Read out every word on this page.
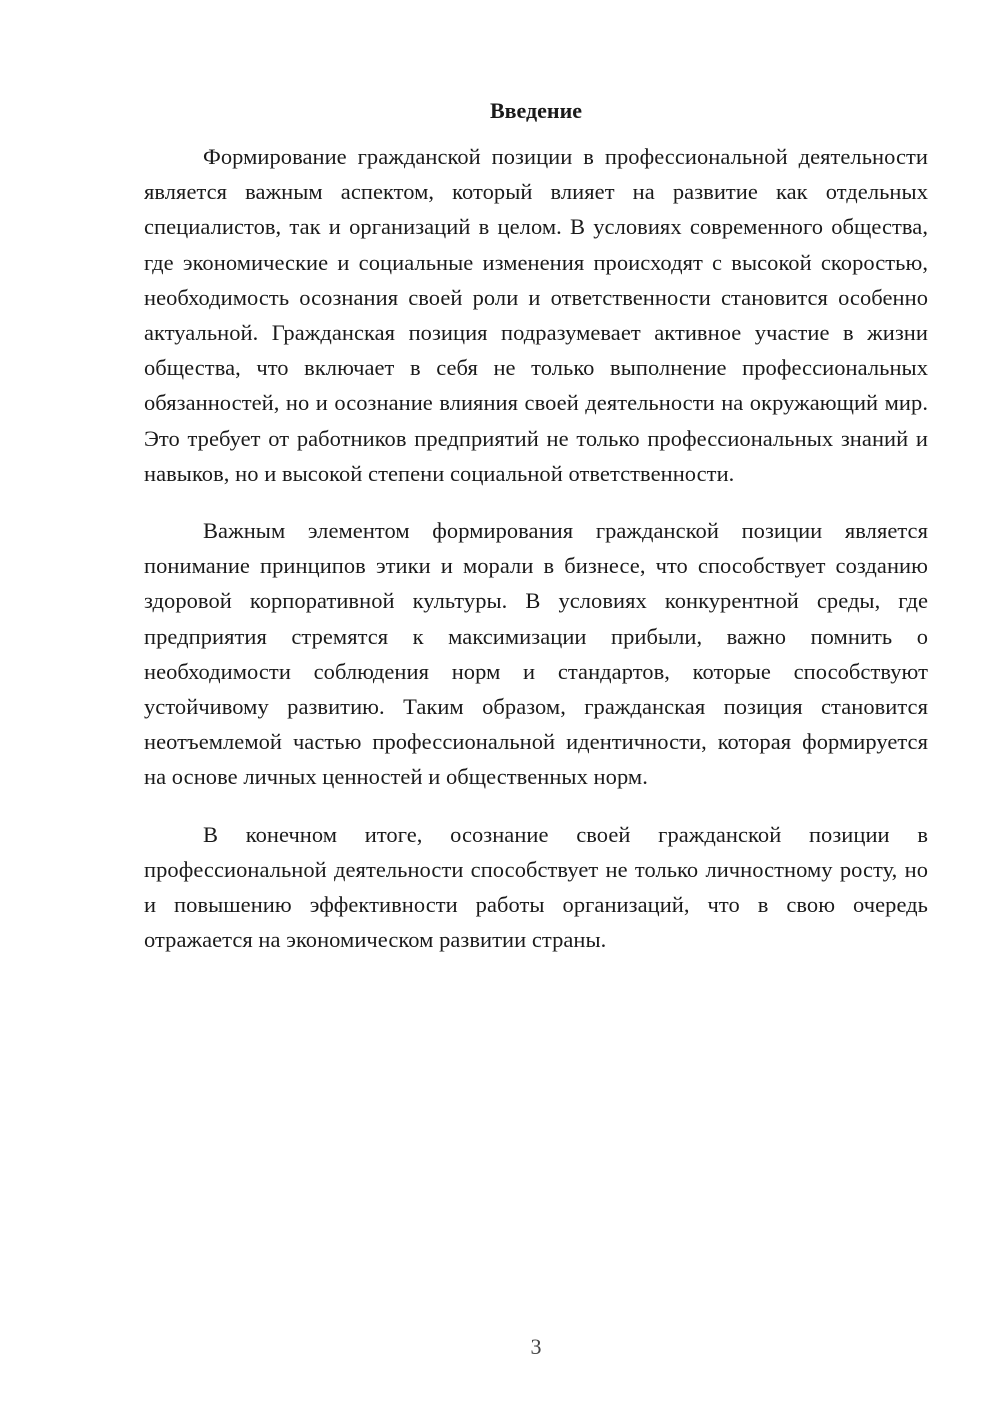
Введение

Формирование гражданской позиции в профессиональной деятельности является важным аспектом, который влияет на развитие как отдельных специалистов, так и организаций в целом. В условиях современного общества, где экономические и социальные изменения происходят с высокой скоростью, необходимость осознания своей роли и ответственности становится особенно актуальной. Гражданская позиция подразумевает активное участие в жизни общества, что включает в себя не только выполнение профессиональных обязанностей, но и осознание влияния своей деятельности на окружающий мир. Это требует от работников предприятий не только профессиональных знаний и навыков, но и высокой степени социальной ответственности.

Важным элементом формирования гражданской позиции является понимание принципов этики и морали в бизнесе, что способствует созданию здоровой корпоративной культуры. В условиях конкурентной среды, где предприятия стремятся к максимизации прибыли, важно помнить о необходимости соблюдения норм и стандартов, которые способствуют устойчивому развитию. Таким образом, гражданская позиция становится неотъемлемой частью профессиональной идентичности, которая формируется на основе личных ценностей и общественных норм.

В конечном итоге, осознание своей гражданской позиции в профессиональной деятельности способствует не только личностному росту, но и повышению эффективности работы организаций, что в свою очередь отражается на экономическом развитии страны.

3
